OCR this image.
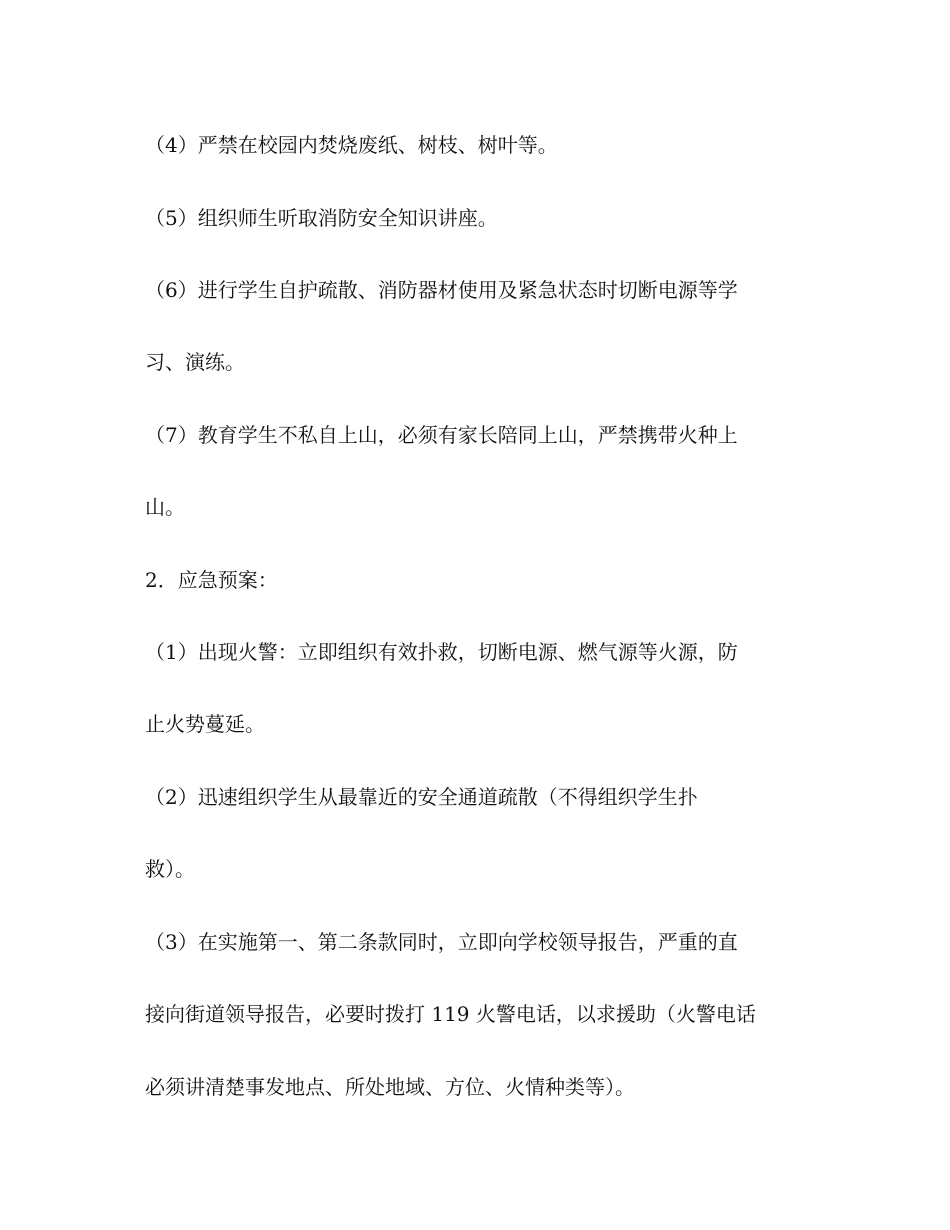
（4）严禁在校园内焚烧废纸、树枝、树叶等。
（5）组织师生听取消防安全知识讲座。
（6）进行学生自护疏散、消防器材使用及紧急状态时切断电源等学
习、演练。
（7）教育学生不私自上山，必须有家长陪同上山，严禁携带火种上
山。
2．应急预案：
（1）出现火警：立即组织有效扑救，切断电源、燃气源等火源，防
止火势蔓延。
（2）迅速组织学生从最靠近的安全通道疏散（不得组织学生扑
救）。
（3）在实施第一、第二条款同时，立即向学校领导报告，严重的直
接向街道领导报告，必要时拨打 119 火警电话，以求援助（火警电话
必须讲清楚事发地点、所处地域、方位、火情种类等）。
